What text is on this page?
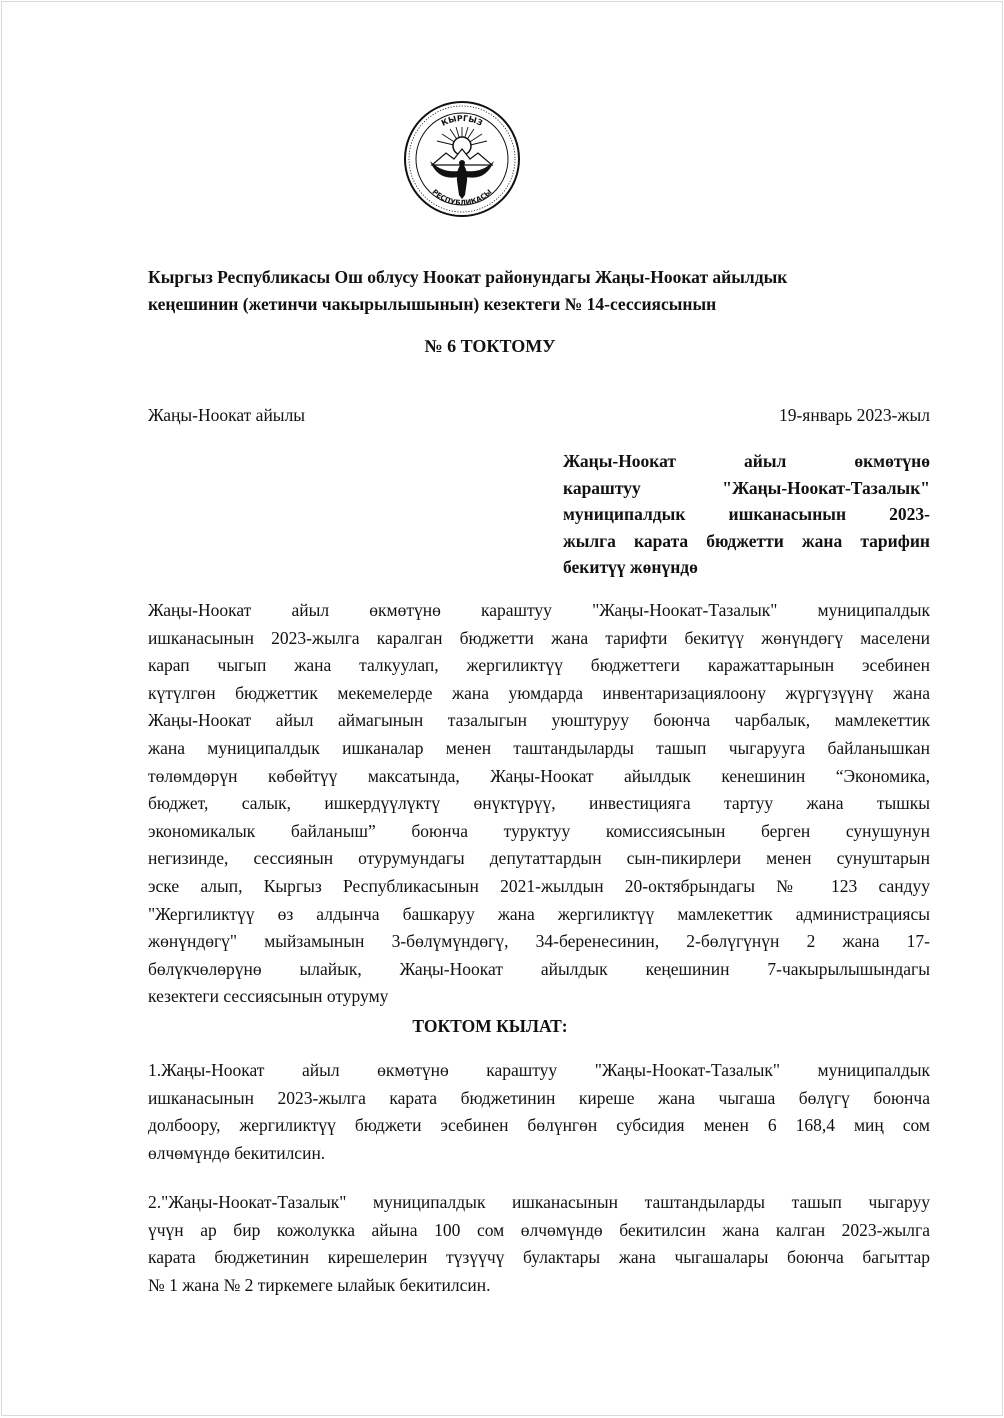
КЫРГЫЗ
РЕСПУБЛИКАСЫ

Кыргыз Республикасы Ош облусу Ноокат районундагы Жаңы-Ноокат айылдык
кеңешинин (жетинчи чакырылышынын) кезектеги № 14-сессиясынын

№ 6 ТОКТОМУ

Жаңы-Ноокат айылы	19-январь 2023-жыл

Жаңы-Ноокат айыл өкмөтүнө
караштуу "Жаңы-Ноокат-Тазалык"
муниципалдык ишканасынын 2023-
жылга карата бюджетти жана тарифин
бекитүү жөнүндө

Жаңы-Ноокат айыл өкмөтүнө караштуу "Жаңы-Ноокат-Тазалык" муниципалдык
ишканасынын 2023-жылга каралган бюджетти жана тарифти бекитүү жөнүндөгү маселени
карап чыгып жана талкуулап, жергиликтүү бюджеттеги каражаттарынын эсебинен
күтүлгөн бюджеттик мекемелерде жана уюмдарда инвентаризациялоону жүргүзүүнү жана
Жаңы-Ноокат айыл аймагынын тазалыгын уюштуруу боюнча чарбалык, мамлекеттик
жана муниципалдык ишканалар менен таштандыларды ташып чыгарууга байланышкан
төлөмдөрүн көбөйтүү максатында, Жаңы-Ноокат айылдык кенешинин “Экономика,
бюджет, салык, ишкердүүлүктү өнүктүрүү, инвестицияга тартуу жана тышкы
экономикалык байланыш” боюнча туруктуу комиссиясынын берген сунушунун
негизинде, сессиянын отурумундагы депутаттардын сын-пикирлери менен сунуштарын
эске алып, Кыргыз Республикасынын 2021-жылдын 20-октябрындагы № 123 сандуу
"Жергиликтүү өз алдынча башкаруу жана жергиликтүү мамлекеттик администрациясы
жөнүндөгү" мыйзамынын 3-бөлүмүндөгү, 34-беренесинин, 2-бөлүгүнүн 2 жана 17-
бөлүкчөлөрүнө ылайык, Жаңы-Ноокат айылдык кеңешинин 7-чакырылышындагы
кезектеги сессиясынын отуруму

ТОКТОМ КЫЛАТ:

1.Жаңы-Ноокат айыл өкмөтүнө караштуу "Жаңы-Ноокат-Тазалык" муниципалдык
ишканасынын 2023-жылга карата бюджетинин киреше жана чыгаша бөлүгү боюнча
долбоору, жергиликтүү бюджети эсебинен бөлүнгөн субсидия менен 6 168,4 миң сом
өлчөмүндө бекитилсин.

2."Жаңы-Ноокат-Тазалык" муниципалдык ишканасынын таштандыларды ташып чыгаруу
үчүн ар бир кожолукка айына 100 сом өлчөмүндө бекитилсин жана калган 2023-жылга
карата бюджетинин кирешелерин түзүүчү булактары жана чыгашалары боюнча багыттар
№ 1 жана № 2 тиркемеге ылайык бекитилсин.
